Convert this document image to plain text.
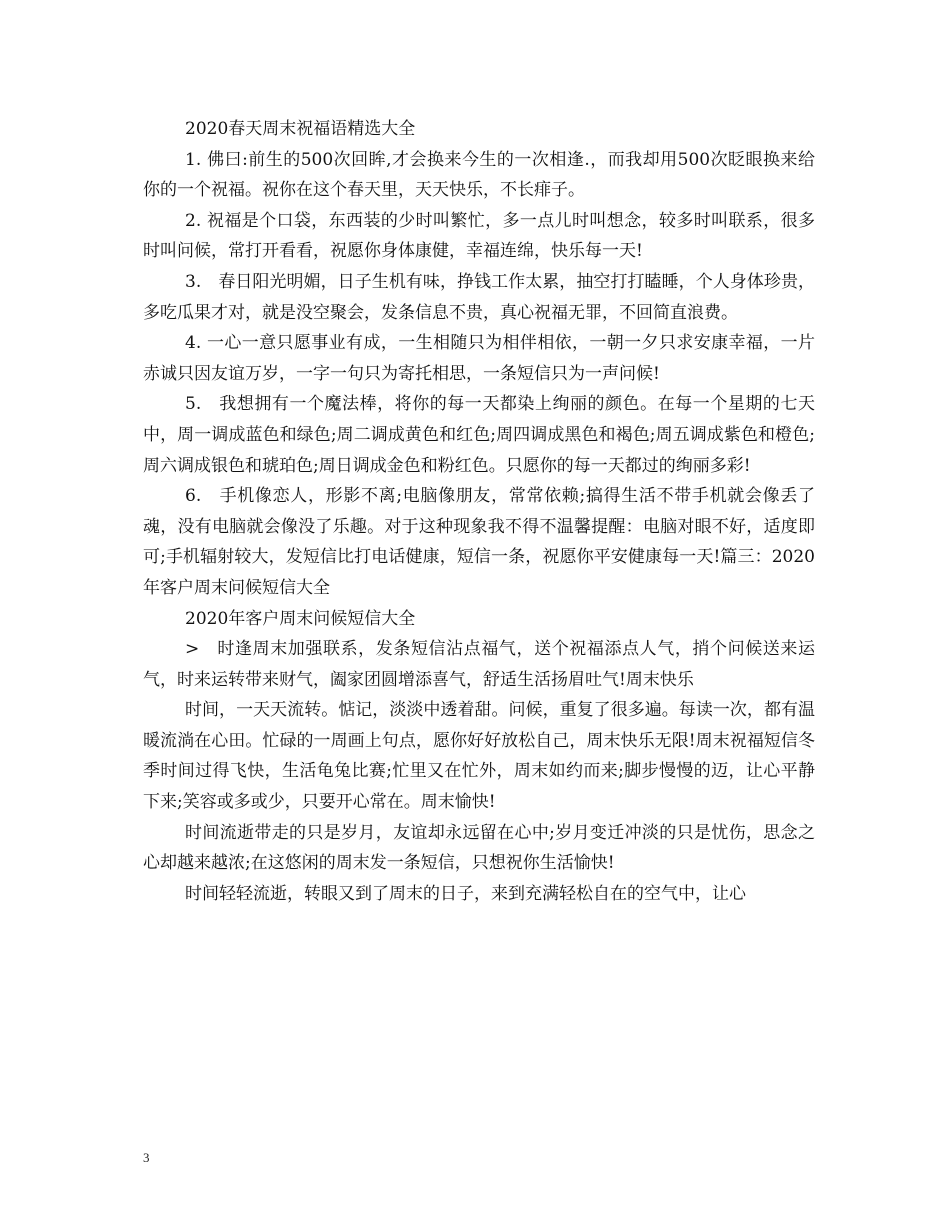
2020春天周末祝福语精选大全

1. 佛曰:前生的500次回眸,才会换来今生的一次相逢.，而我却用500次眨眼换来给你的一个祝福。祝你在这个春天里，天天快乐，不长痱子。

2. 祝福是个口袋，东西装的少时叫繁忙，多一点儿时叫想念，较多时叫联系，很多时叫问候，常打开看看，祝愿你身体康健，幸福连绵，快乐每一天!

3.　春日阳光明媚，日子生机有味，挣钱工作太累，抽空打打瞌睡，个人身体珍贵，多吃瓜果才对，就是没空聚会，发条信息不贵，真心祝福无罪，不回简直浪费。

4. 一心一意只愿事业有成，一生相随只为相伴相依，一朝一夕只求安康幸福，一片赤诚只因友谊万岁，一字一句只为寄托相思，一条短信只为一声问候!

5.　我想拥有一个魔法棒，将你的每一天都染上绚丽的颜色。在每一个星期的七天中，周一调成蓝色和绿色;周二调成黄色和红色;周四调成黑色和褐色;周五调成紫色和橙色;周六调成银色和琥珀色;周日调成金色和粉红色。只愿你的每一天都过的绚丽多彩!

6.　手机像恋人，形影不离;电脑像朋友，常常依赖;搞得生活不带手机就会像丢了魂，没有电脑就会像没了乐趣。对于这种现象我不得不温馨提醒：电脑对眼不好，适度即可;手机辐射较大，发短信比打电话健康，短信一条，祝愿你平安健康每一天!篇三：2020年客户周末问候短信大全

2020年客户周末问候短信大全

>　时逢周末加强联系，发条短信沾点福气，送个祝福添点人气，捎个问候送来运气，时来运转带来财气，阖家团圆增添喜气，舒适生活扬眉吐气!周末快乐

时间，一天天流转。惦记，淡淡中透着甜。问候，重复了很多遍。每读一次，都有温暖流淌在心田。忙碌的一周画上句点，愿你好好放松自己，周末快乐无限!周末祝福短信冬季时间过得飞快，生活龟兔比赛;忙里又在忙外，周末如约而来;脚步慢慢的迈，让心平静下来;笑容或多或少，只要开心常在。周末愉快!

时间流逝带走的只是岁月，友谊却永远留在心中;岁月变迁冲淡的只是忧伤，思念之心却越来越浓;在这悠闲的周末发一条短信，只想祝你生活愉快!

时间轻轻流逝，转眼又到了周末的日子，来到充满轻松自在的空气中，让心

3
